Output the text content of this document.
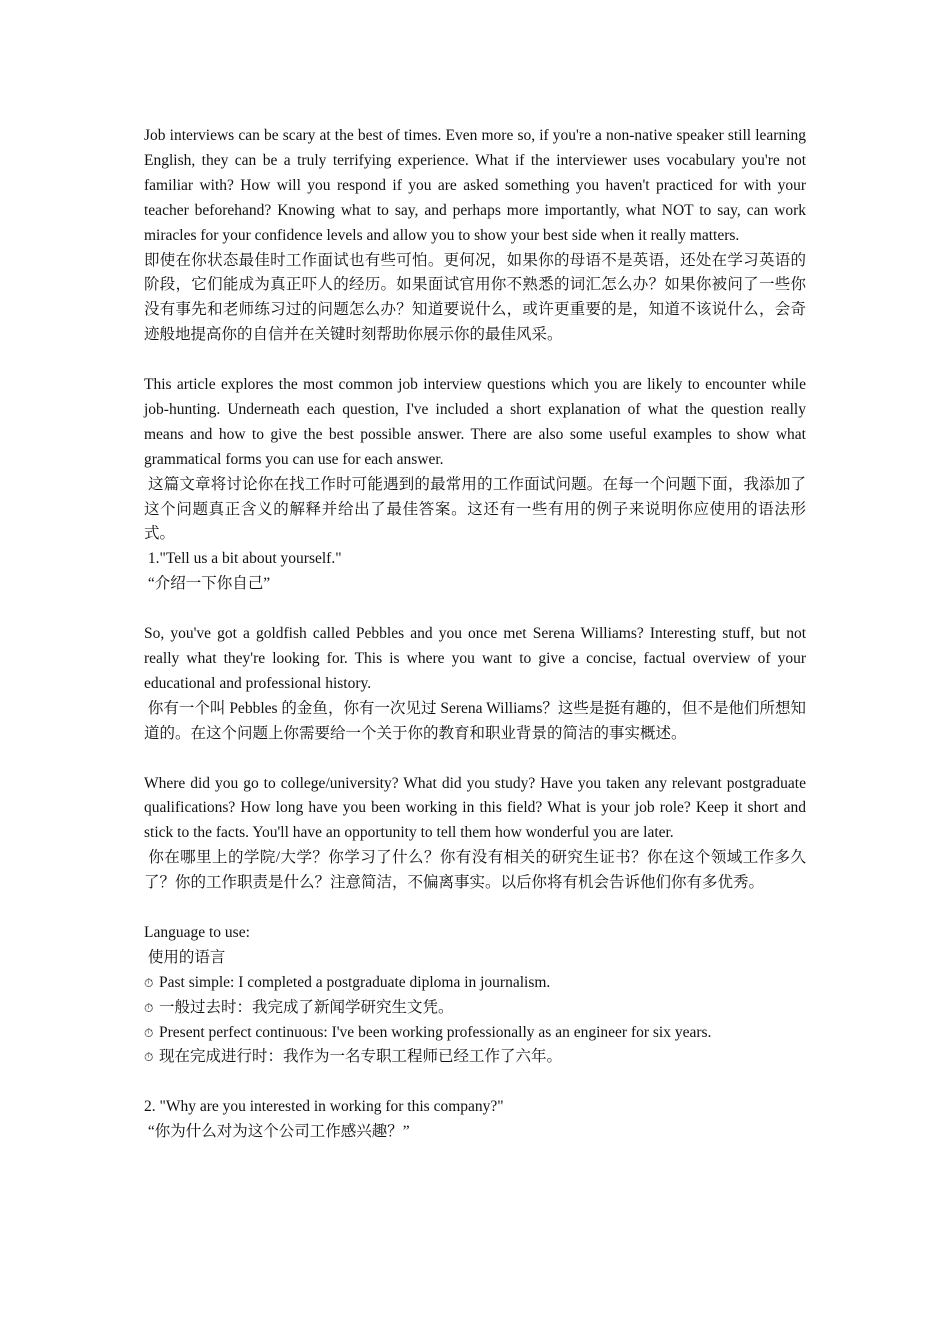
Job interviews can be scary at the best of times. Even more so, if you're a non-native speaker still learning English, they can be a truly terrifying experience. What if the interviewer uses vocabulary you're not familiar with? How will you respond if you are asked something you haven't practiced for with your teacher beforehand? Knowing what to say, and perhaps more importantly, what NOT to say, can work miracles for your confidence levels and allow you to show your best side when it really matters.

即使在你状态最佳时工作面试也有些可怕。更何况，如果你的母语不是英语，还处在学习英语的阶段，它们能成为真正吓人的经历。如果面试官用你不熟悉的词汇怎么办？如果你被问了一些你没有事先和老师练习过的问题怎么办？知道要说什么，或许更重要的是，知道不该说什么，会奇迹般地提高你的自信并在关键时刻帮助你展示你的最佳风采。

This article explores the most common job interview questions which you are likely to encounter while job-hunting. Underneath each question, I've included a short explanation of what the question really means and how to give the best possible answer. There are also some useful examples to show what grammatical forms you can use for each answer.

这篇文章将讨论你在找工作时可能遇到的最常用的工作面试问题。在每一个问题下面，我添加了这个问题真正含义的解释并给出了最佳答案。这还有一些有用的例子来说明你应使用的语法形式。

1."Tell us a bit about yourself."

“介绍一下你自己”

So, you've got a goldfish called Pebbles and you once met Serena Williams? Interesting stuff, but not really what they're looking for. This is where you want to give a concise, factual overview of your educational and professional history.

你有一个叫 Pebbles 的金鱼，你有一次见过 Serena Williams？这些是挺有趣的，但不是他们所想知道的。在这个问题上你需要给一个关于你的教育和职业背景的简洁的事实概述。

Where did you go to college/university? What did you study? Have you taken any relevant postgraduate qualifications? How long have you been working in this field? What is your job role? Keep it short and stick to the facts. You'll have an opportunity to tell them how wonderful you are later.

你在哪里上的学院/大学？你学习了什么？你有没有相关的研究生证书？你在这个领域工作多久了？你的工作职责是什么？注意简洁，不偏离事实。以后你将有机会告诉他们你有多优秀。

Language to use:

使用的语言

⏱ Past simple: I completed a postgraduate diploma in journalism.

⏱ 一般过去时：我完成了新闻学研究生文凭。

⏱ Present perfect continuous: I've been working professionally as an engineer for six years.

⏱ 现在完成进行时：我作为一名专职工程师已经工作了六年。

2. "Why are you interested in working for this company?"

“你为什么对为这个公司工作感兴趣？”
